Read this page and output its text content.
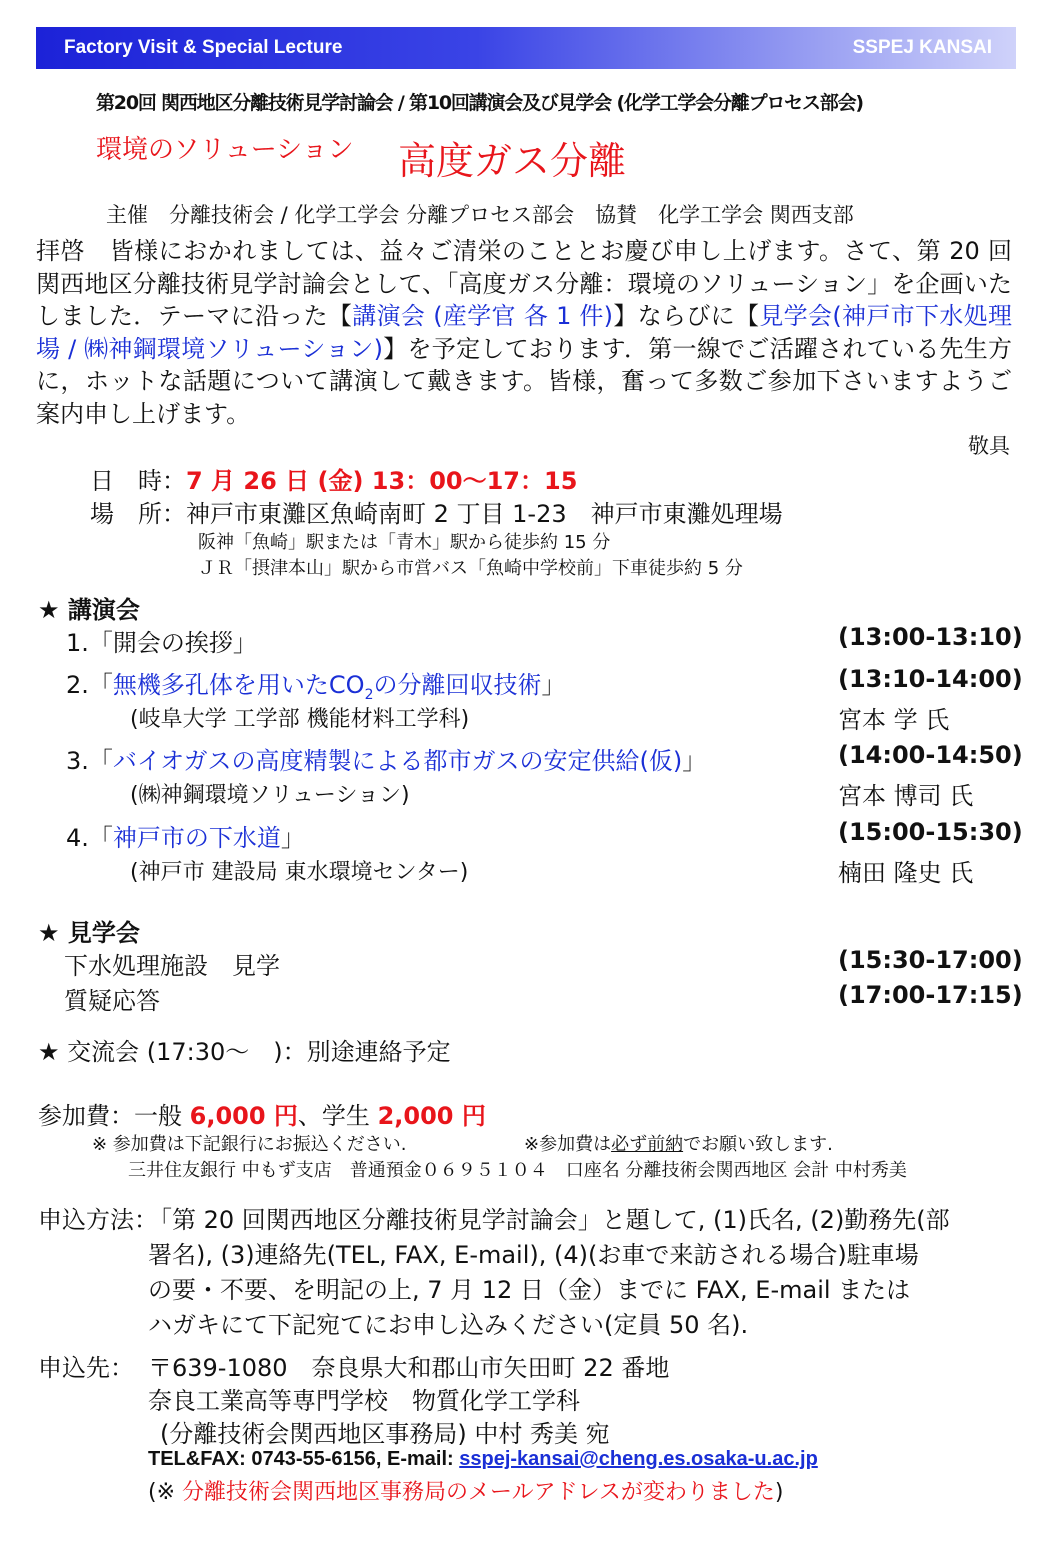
Factory Visit & Special Lecture	SSPEJ KANSAI
第20回 関西地区分離技術見学討論会 / 第10回講演会及び見学会 (化学工学会分離プロセス部会)
環境のソリューション 高度ガス分離
主催　分離技術会 / 化学工学会 分離プロセス部会　協賛　化学工学会 関西支部
拝啓　皆様におかれましては、益々ご清栄のこととお慶び申し上げます。さて、第 20 回関西地区分離技術見学討論会として、「高度ガス分離：環境のソリューション」を企画いたしました．テーマに沿った【講演会 (産学官 各 1 件)】ならびに【見学会(神戸市下水処理場 / ㈱神鋼環境ソリューション)】を予定しております．第一線でご活躍されている先生方に，ホットな話題について講演して戴きます。皆様，奮って多数ご参加下さいますようご案内申し上げます。
敬具
日　時：7 月 26 日 (金) 13：00～17：15
場　所：神戸市東灘区魚崎南町 2 丁目 1-23　神戸市東灘処理場
阪神「魚崎」駅または「青木」駅から徒歩約 15 分
ＪＲ「摂津本山」駅から市営バス「魚崎中学校前」下車徒歩約 5 分
★ 講演会
1.「開会の挨拶」	(13:00-13:10)
2.「無機多孔体を用いた$CO_2$の分離回収技術」	(13:10-14:00)
(岐阜大学 工学部 機能材料工学科)	宮本 学 氏
3.「バイオガスの高度精製による都市ガスの安定供給(仮)」	(14:00-14:50)
(㈱神鋼環境ソリューション)	宮本 博司 氏
4.「神戸市の下水道」	(15:00-15:30)
(神戸市 建設局 東水環境センター)	楠田 隆史 氏
★ 見学会
下水処理施設　見学	(15:30-17:00)
質疑応答	(17:00-17:15)
★ 交流会 (17:30～　)：別途連絡予定
参加費：一般 6,000 円、学生 2,000 円
※ 参加費は下記銀行にお振込ください.	※参加費は必ず前納でお願い致します.
三井住友銀行 中もず支店　普通預金０６９５１０４　口座名 分離技術会関西地区 会計 中村秀美
申込方法：
「第 20 回関西地区分離技術見学討論会」と題して, (1)氏名, (2)勤務先(部
署名), (3)連絡先(TEL, FAX, E-mail), (4)(お車で来訪される場合)駐車場
の要・不要、を明記の上, 7 月 12 日（金）までに FAX, E-mail または
ハガキにて下記宛てにお申し込みください(定員 50 名).
申込先： 〒639-1080　奈良県大和郡山市矢田町 22 番地
奈良工業高等専門学校　物質化学工学科
(分離技術会関西地区事務局) 中村 秀美 宛
TEL&FAX: 0743-55-6156, E-mail: sspej-kansai@cheng.es.osaka-u.ac.jp
(※ 分離技術会関西地区事務局のメールアドレスが変わりました)
